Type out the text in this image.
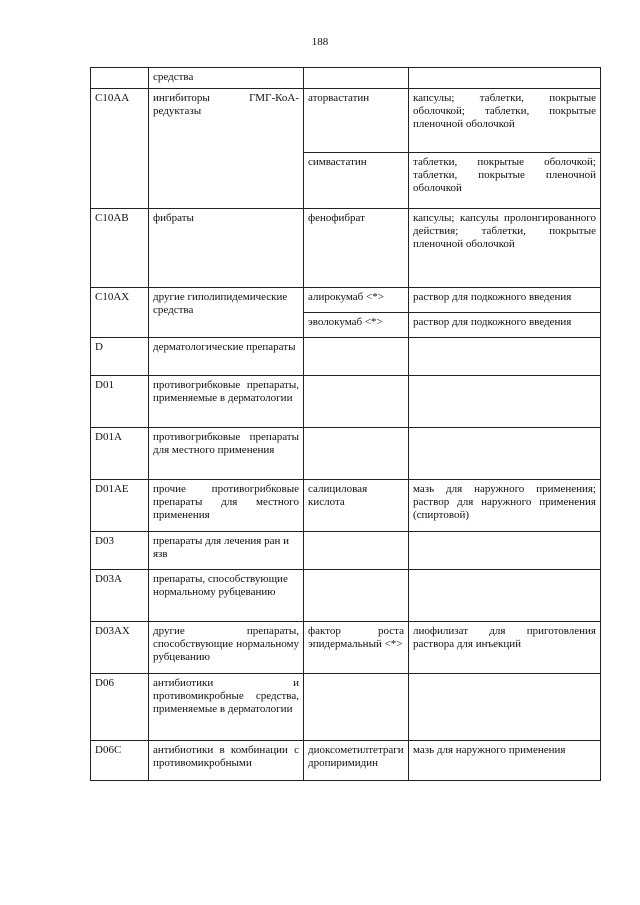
188
	средства		
C10AA	ингибиторы ГМГ-КоА-редуктазы	аторвастатин	капсулы; таблетки, покрытые оболочкой; таблетки, покрытые пленочной оболочкой
		симвастатин	таблетки, покрытые оболочкой; таблетки, покрытые пленочной оболочкой
C10AB	фибраты	фенофибрат	капсулы; капсулы пролонгированного действия; таблетки, покрытые пленочной оболочкой
C10AX	другие гиполипидемические средства	алирокумаб <*>	раствор для подкожного введения
		эволокумаб <*>	раствор для подкожного введения
D	дерматологические препараты		
D01	противогрибковые препараты, применяемые в дерматологии		
D01A	противогрибковые препараты для местного применения		
D01AE	прочие противогрибковые препараты для местного применения	салициловая кислота	мазь для наружного применения; раствор для наружного применения (спиртовой)
D03	препараты для лечения ран и язв		
D03A	препараты, способствующие нормальному рубцеванию		
D03AX	другие препараты, способствующие нормальному рубцеванию	фактор роста эпидермальный <*>	лиофилизат для приготовления раствора для инъекций
D06	антибиотики и противомикробные средства, применяемые в дерматологии		
D06C	антибиотики в комбинации с противомикробными	диоксометилтетрагидропиримидин	мазь для наружного применения
